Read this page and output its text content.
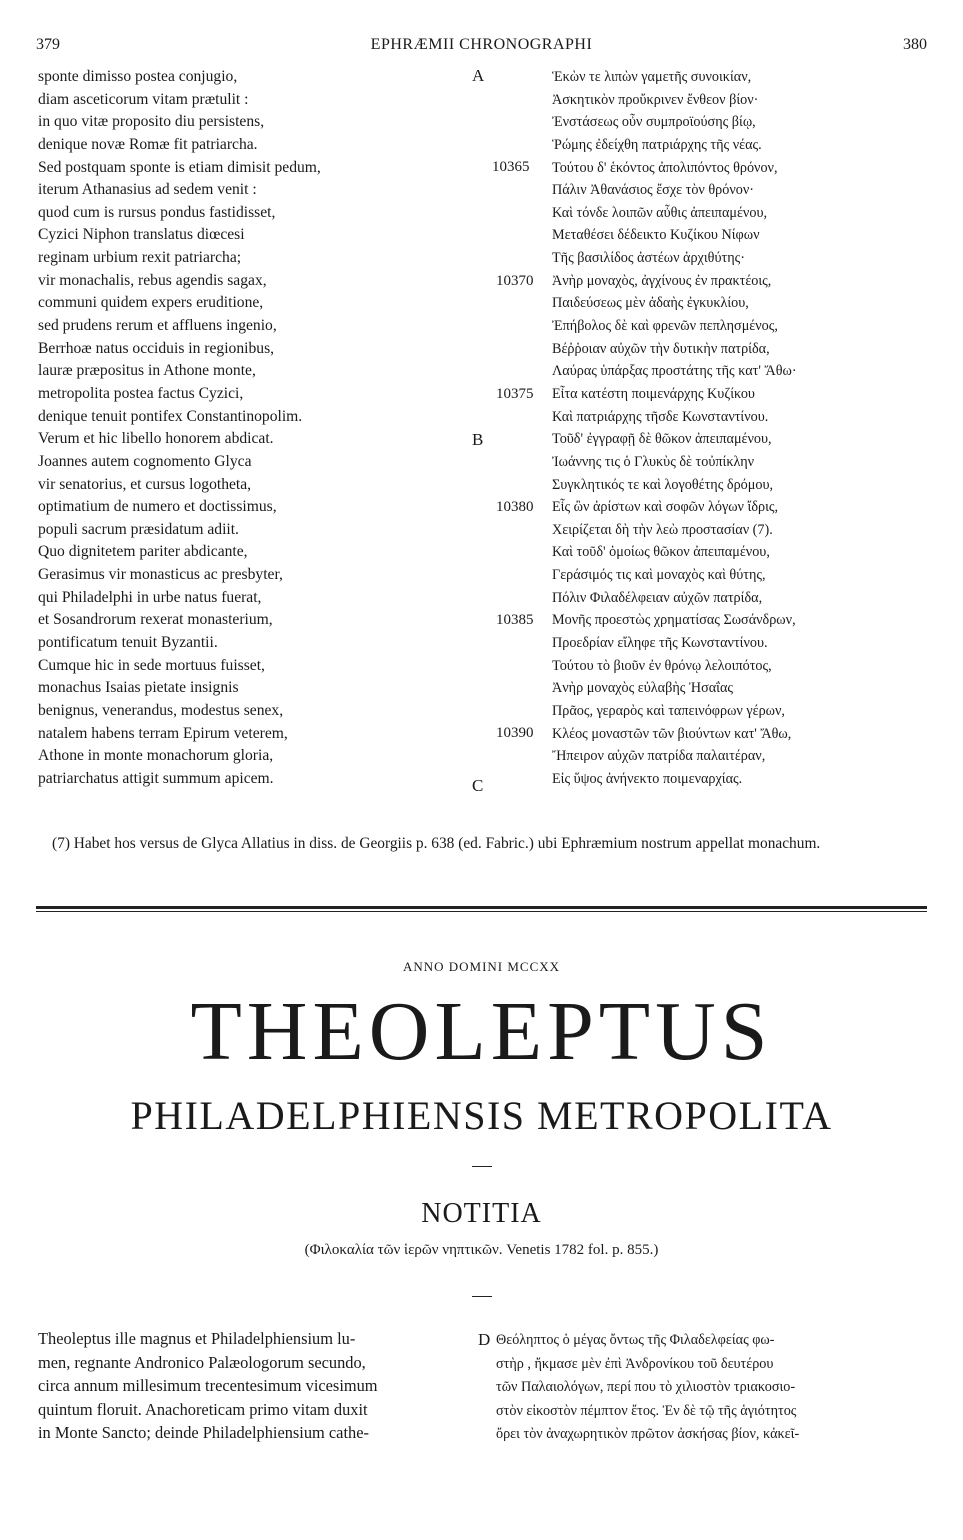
379	EPHRÆMII CHRONOGRAPHI	380
sponte dimisso postea conjugio,
diam asceticorum vitam prætulit :
in quo vitæ proposito diu persistens,
denique novæ Romæ fit patriarcha.
Sed postquam sponte is etiam dimisit pedum,
iterum Athanasius ad sedem venit :
quod cum is rursus pondus fastidisset,
Cyzici Niphon translatus diœcesi
reginam urbium rexit patriarcha;
vir monachalis, rebus agendis sagax,
communi quidem expers eruditione,
sed prudens rerum et affluens ingenio,
Berrhoæ natus occiduis in regionibus,
lauræ præpositus in Athone monte,
metropolita postea factus Cyzici,
denique tenuit pontifex Constantinopolim.
Verum et hic libello honorem abdicat.
Joannes autem cognomento Glyca
vir senatorius, et cursus logotheta,
optimatium de numero et doctissimus,
populi sacrum præsidatum adiit.
Quo dignitetem pariter abdicante,
Gerasimus vir monasticus ac presbyter,
qui Philadelphi in urbe natus fuerat,
et Sosandrorum rexerat monasterium,
pontificatum tenuit Byzantii.
Cumque hic in sede mortuus fuisset,
monachus Isaias pietate insignis
benignus, venerandus, modestus senex,
natalem habens terram Epirum veterem,
Athone in monte monachorum gloria,
patriarchatus attigit summum apicem.
Ἑκὼν τε λιπὼν γαμετῆς συνοικίαν,
Ἀσκητικὸν προὔκρινεν ἔνθεον βίον·
Ἐνστάσεως οὖν συμπροϊούσης βίῳ,
Ῥώμης ἐδείχθη πατριάρχης τῆς νέας.
Τούτου δ' ἑκόντος ἀπολιπόντος θρόνον,
Πάλιν Ἀθανάσιος ἔσχε τὸν θρόνον·
Καὶ τόνδε λοιπῶν αὖθις ἀπειπαμένου,
Μεταθέσει δέδεικτο Κυζίκου Νίφων
Τῆς βασιλίδος ἀστέων ἀρχιθύτης·
Ἀνὴρ μοναχὸς, ἀγχίνους ἐν πρακτέοις,
Παιδεύσεως μὲν ἀδαὴς ἐγκυκλίου,
Ἐπήβολος δὲ καὶ φρενῶν πεπλησμένος,
Βέῤῥοιαν αὐχῶν τὴν δυτικὴν πατρίδα,
Λαύρας ὑπάρξας προστάτης τῆς κατ' Ἄθω·
Εἶτα κατέστη ποιμενάρχης Κυζίκου
Καὶ πατριάρχης τῆσδε Κωνσταντίνου.
Τοῦδ' ἐγγραφῇ δὲ θῶκον ἀπειπαμένου,
Ἰωάννης τις ὁ Γλυκὺς δὲ τοὐπίκλην
Συγκλητικός τε καὶ λογοθέτης δρόμου,
Εἷς ὢν ἀρίστων καὶ σοφῶν λόγων ἴδρις,
Χειρίζεται δὴ τὴν λεὼ προστασίαν (7).
Καὶ τοῦδ' ὁμοίως θῶκον ἀπειπαμένου,
Γεράσιμός τις καὶ μοναχὸς καὶ θύτης,
Πόλιν Φιλαδέλφειαν αὐχῶν πατρίδα,
Μονῆς προεστὼς χρηματίσας Σωσάνδρων,
Προεδρίαν εἴληφε τῆς Κωνσταντίνου.
Τούτου τὸ βιοῦν ἐν θρόνῳ λελοιπότος,
Ἀνὴρ μοναχὸς εὐλαβὴς Ἠσαΐας
Πρᾶος, γεραρὸς καὶ ταπεινόφρων γέρων,
Κλέος μοναστῶν τῶν βιούντων κατ' Ἄθω,
Ἤπειρον αὐχῶν πατρίδα παλαιτέραν,
Εἰς ὕψος ἀνήνεκτο ποιμεναρχίας.
10365
10370
10375
10380
10385
10390
A
B
C
(7) Habet hos versus de Glyca Allatius in diss. de Georgiis p. 638 (ed. Fabric.) ubi Ephræmium nostrum appellat monachum.
ANNO DOMINI MCCXX
THEOLEPTUS
PHILADELPHIENSIS METROPOLITA
NOTITIA
(Φιλοκαλία τῶν ἱερῶν νηπτικῶν. Venetis 1782 fol. p. 855.)
D
Theoleptus ille magnus et Philadelphiensium lu-
men, regnante Andronico Palæologorum secundo,
circa annum millesimum trecentesimum vicesimum
quintum floruit. Anachoreticam primo vitam duxit
in Monte Sancto; deinde Philadelphiensium cathe-
Θεόληπτος ὁ μέγας ὄντως τῆς Φιλαδελφείας φω-
στὴρ , ἤκμασε μὲν ἐπὶ Ἀνδρονίκου τοῦ δευτέρου
τῶν Παλαιολόγων, περί που τὸ χιλιοστὸν τριακοσιο-
στὸν εἰκοστὸν πέμπτον ἔτος. Ἐν δὲ τῷ τῆς ἁγιότητος
ὄρει τὸν ἀναχωρητικὸν πρῶτον ἀσκήσας βίον, κἀκεῖ-
